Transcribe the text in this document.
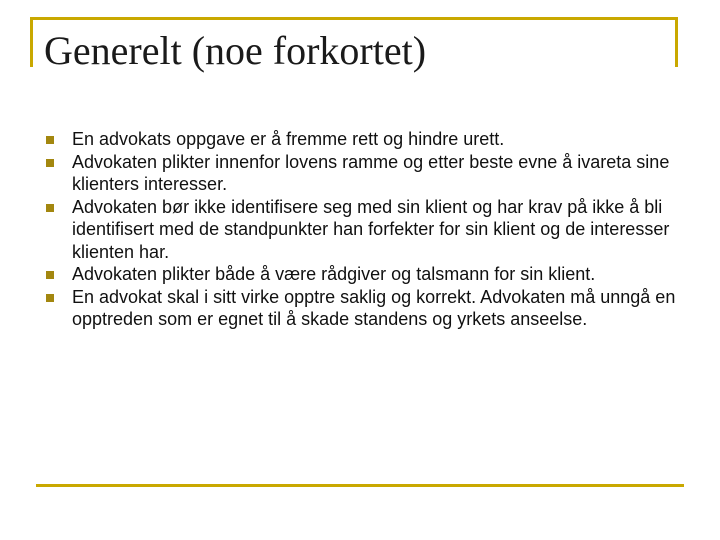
Generelt (noe forkortet)
En advokats oppgave er å fremme rett og hindre urett.
Advokaten plikter innenfor lovens ramme og etter beste evne å ivareta sine klienters interesser.
Advokaten bør ikke identifisere seg med sin klient og har krav på ikke å bli identifisert med de standpunkter han forfekter for sin klient og de interesser klienten har.
Advokaten plikter både å være rådgiver og talsmann for sin klient.
En advokat skal i sitt virke opptre saklig og korrekt. Advokaten må unngå en opptreden som er egnet til å skade standens og yrkets anseelse.
